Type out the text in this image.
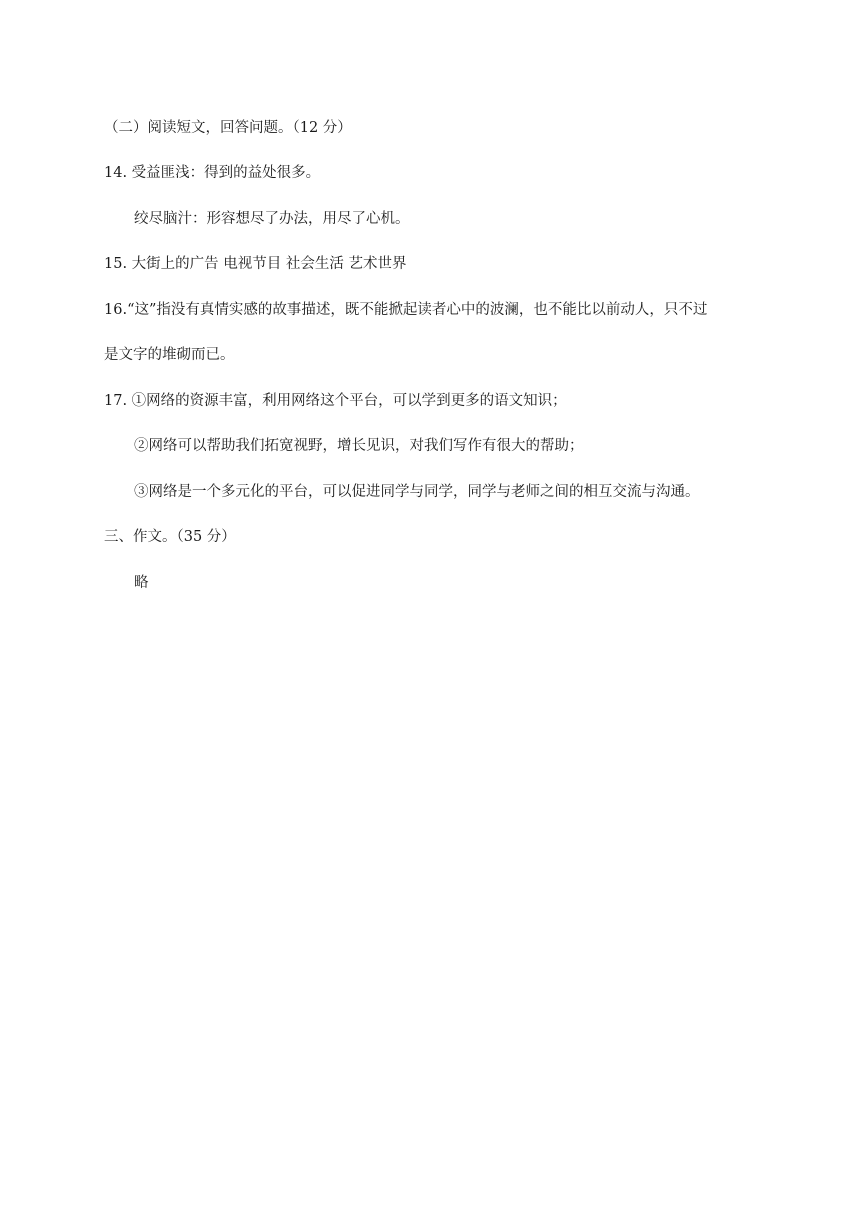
（二）阅读短文，回答问题。（12 分）
14. 受益匪浅：得到的益处很多。
绞尽脑汁：形容想尽了办法，用尽了心机。
15. 大街上的广告 电视节目 社会生活 艺术世界
16.“这”指没有真情实感的故事描述，既不能掀起读者心中的波澜，也不能比以前动人，只不过
是文字的堆砌而已。
17. ①网络的资源丰富，利用网络这个平台，可以学到更多的语文知识；
②网络可以帮助我们拓宽视野，增长见识，对我们写作有很大的帮助；
③网络是一个多元化的平台，可以促进同学与同学，同学与老师之间的相互交流与沟通。
三、作文。（35 分）
略
